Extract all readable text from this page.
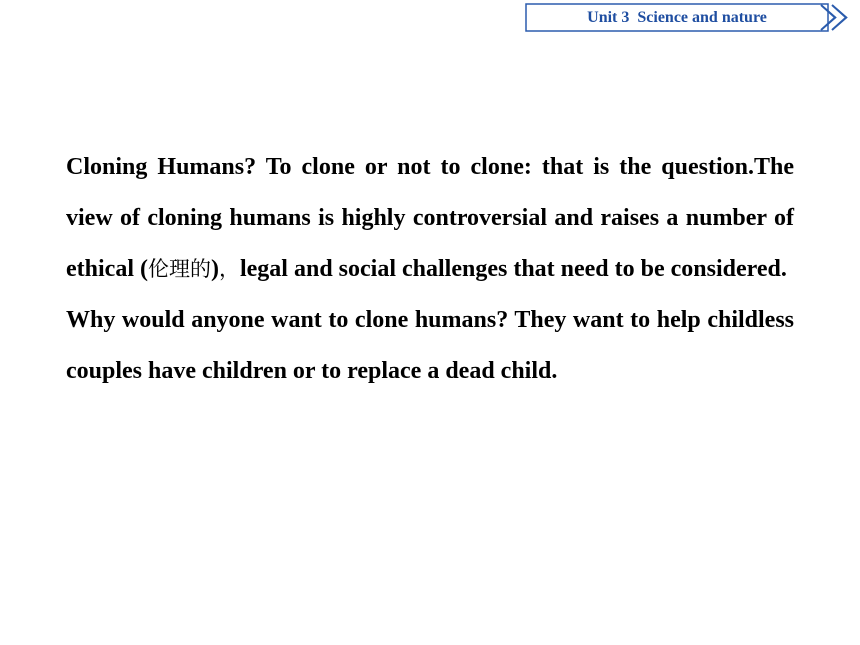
Unit 3  Science and nature

Cloning Humans? To clone or not to clone: that is the question.The view of cloning humans is highly controversial and raises a number of ethical (伦理的)，legal and social challenges that need to be considered.

Why would anyone want to clone humans? They want to help childless couples have children or to replace a dead child.
